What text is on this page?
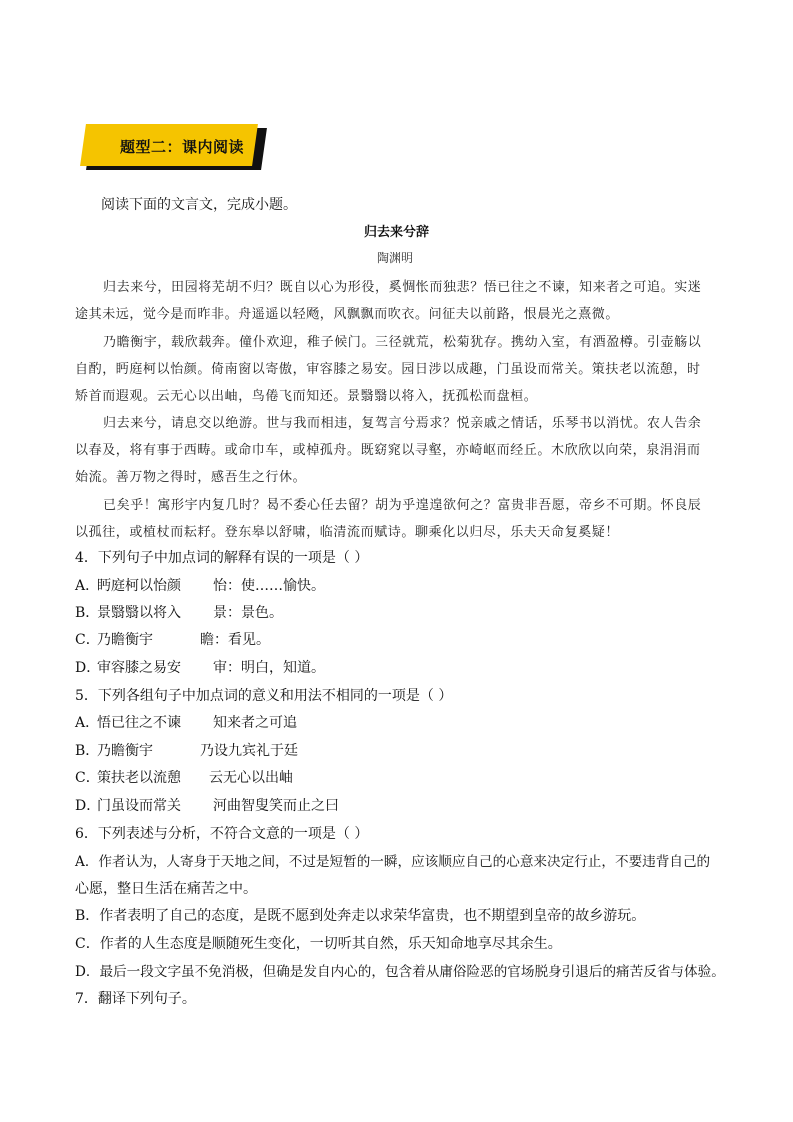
题型二：课内阅读
阅读下面的文言文，完成小题。
归去来兮辞
陶渊明
归去来兮，田园将芜胡不归？既自以心为形役，奚惆怅而独悲？悟已往之不谏，知来者之可追。实迷
途其未远，觉今是而昨非。舟遥遥以轻飏，风飘飘而吹衣。问征夫以前路，恨晨光之熹微。
乃瞻衡宇，载欣载奔。僮仆欢迎，稚子候门。三径就荒，松菊犹存。携幼入室，有酒盈樽。引壶觞以
自酌，眄庭柯以怡颜。倚南窗以寄傲，审容膝之易安。园日涉以成趣，门虽设而常关。策扶老以流憩，时
矫首而遐观。云无心以出岫，鸟倦飞而知还。景翳翳以将入，抚孤松而盘桓。
归去来兮，请息交以绝游。世与我而相违，复驾言兮焉求？悦亲戚之情话，乐琴书以消忧。农人告余
以春及，将有事于西畴。或命巾车，或棹孤舟。既窈窕以寻壑，亦崎岖而经丘。木欣欣以向荣，泉涓涓而
始流。善万物之得时，感吾生之行休。
已矣乎！寓形宇内复几时？曷不委心任去留？胡为乎遑遑欲何之？富贵非吾愿，帝乡不可期。怀良辰
以孤往，或植杖而耘耔。登东皋以舒啸，临清流而赋诗。聊乘化以归尽，乐夫天命复奚疑！
4．下列句子中加点词的解释有误的一项是（ ）
A．
眄庭柯以怡颜 怡：使……愉快。
B．
景翳翳以将入 景：景色。
C．
乃瞻衡宇	瞻：看见。
D．
审容膝之易安 审：明白，知道。
5．下列各组句子中加点词的意义和用法不相同的一项是（ ）
A．
悟已往之不谏 知来者之可追
B．
乃瞻衡宇	乃设九宾礼于廷
C．
策扶老以流憩 云无心以出岫
D．
门虽设而常关 河曲智叟笑而止之曰
6．下列表述与分析，不符合文意的一项是（ ）
A．作者认为，人寄身于天地之间，不过是短暂的一瞬，应该顺应自己的心意来决定行止，不要违背自己的
心愿，整日生活在痛苦之中。
B．作者表明了自己的态度，是既不愿到处奔走以求荣华富贵，也不期望到皇帝的故乡游玩。
C．作者的人生态度是顺随死生变化，一切听其自然，乐天知命地享尽其余生。
D．最后一段文字虽不免消极，但确是发自内心的，包含着从庸俗险恶的官场脱身引退后的痛苦反省与体验。
7．翻译下列句子。
